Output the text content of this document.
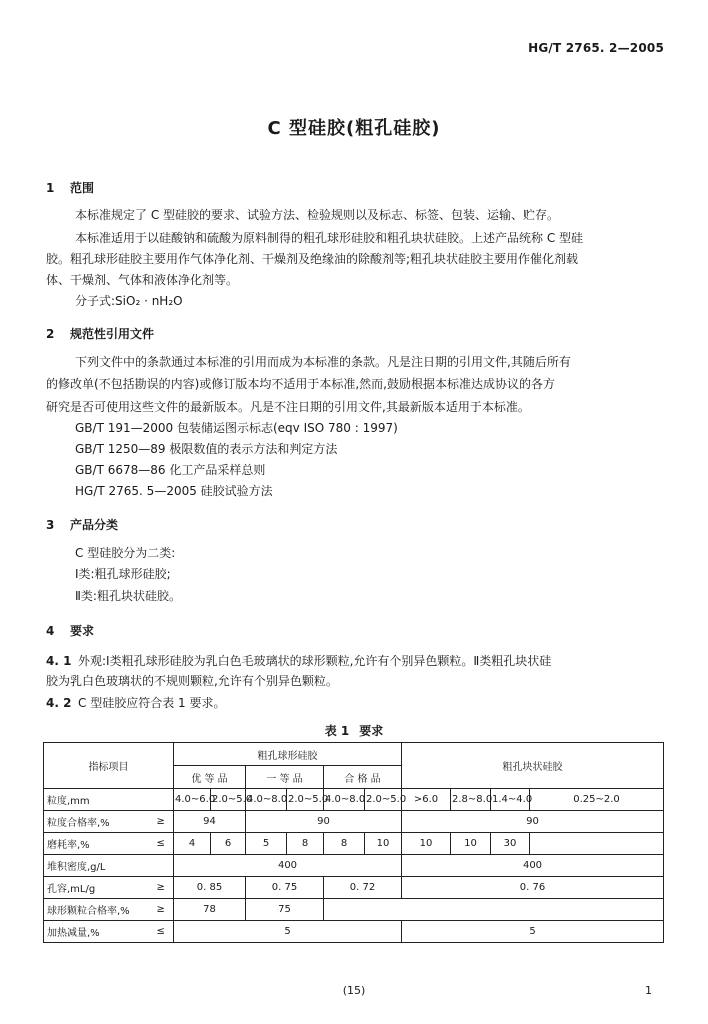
HG/T 2765. 2—2005
C 型硅胶(粗孔硅胶)
1 范围
本标准规定了 C 型硅胶的要求、试验方法、检验规则以及标志、标签、包装、运输、贮存。
本标准适用于以硅酸钠和硫酸为原料制得的粗孔球形硅胶和粗孔块状硅胶。上述产品统称 C 型硅
胶。粗孔球形硅胶主要用作气体净化剂、干燥剂及绝缘油的除酸剂等;粗孔块状硅胶主要用作催化剂载
体、干燥剂、气体和液体净化剂等。
分子式:SiO₂ · nH₂O
2 规范性引用文件
下列文件中的条款通过本标准的引用而成为本标准的条款。凡是注日期的引用文件,其随后所有
的修改单(不包括勘误的内容)或修订版本均不适用于本标准,然而,鼓励根据本标准达成协议的各方
研究是否可使用这些文件的最新版本。凡是不注日期的引用文件,其最新版本适用于本标准。
GB/T 191—2000 包装储运图示标志(eqv ISO 780 : 1997)
GB/T 1250—89 极限数值的表示方法和判定方法
GB/T 6678—86 化工产品采样总则
HG/T 2765. 5—2005 硅胶试验方法
3 产品分类
C 型硅胶分为二类:
Ⅰ类:粗孔球形硅胶;
Ⅱ类:粗孔块状硅胶。
4 要求
4. 1 外观:Ⅰ类粗孔球形硅胶为乳白色毛玻璃状的球形颗粒,允许有个别异色颗粒。Ⅱ类粗孔块状硅
胶为乳白色玻璃状的不规则颗粒,允许有个别异色颗粒。
4. 2 C 型硅胶应符合表 1 要求。
表 1 要求
指标项目		粗孔球形硅胶						粗孔块状硅胶			
		优 等 品		一 等 品		合 格 品					
粒度,mm		4.0~6.0	2.0~5.0	4.0~8.0	2.0~5.0	4.0~8.0	2.0~5.0	>6.0	2.8~8.0	1.4~4.0	0.25~2.0
粒度合格率,%	≥	94		90				90			
磨耗率,%	≤	4	6	5	8	8	10	10	10	30	
堆积密度,g/L		400						400			
孔容,mL/g	≥	0. 85		0. 75		0. 72		0. 76			
球形颗粒合格率,%	≥	78		75							
加热减量,%	≤	5						5			
(15)	1
